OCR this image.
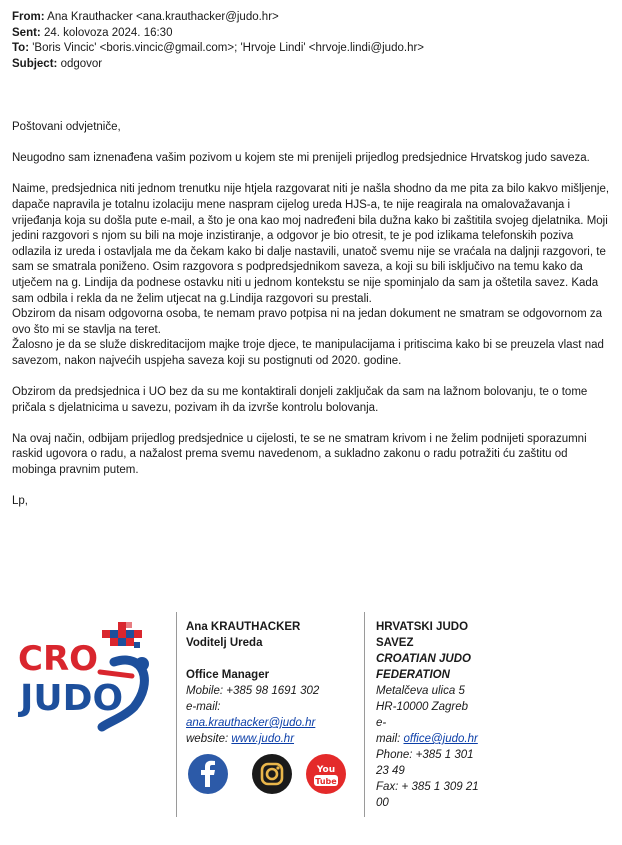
From: Ana Krauthacker <ana.krauthacker@judo.hr>
Sent: 24. kolovoza 2024. 16:30
To: 'Boris Vincic' <boris.vincic@gmail.com>; 'Hrvoje Lindi' <hrvoje.lindi@judo.hr>
Subject: odgovor

Poštovani odvjetniče,

Neugodno sam iznenađena vašim pozivom u kojem ste mi prenijeli prijedlog predsjednice Hrvatskog judo saveza.

Naime, predsjednica niti jednom trenutku nije htjela razgovarat niti je našla shodno da me pita za bilo kakvo mišljenje, dapače napravila je totalnu izolaciju mene naspram cijelog ureda HJS-a, te nije reagirala na omalovažavanja i vrijeđanja koja su došla pute e-mail, a što je ona kao moj nadređeni bila dužna kako bi zaštitila svojeg djelatnika. Moji jedini razgovori s njom su bili na moje inzistiranje, a odgovor je bio otresit, te je pod izlikama telefonskih poziva odlazila iz ureda i ostavljala me da čekam kako bi dalje nastavili, unatoč svemu nije se vraćala na daljnji razgovori, te sam se smatrala poniženo. Osim razgovora s podpredsjednikom saveza, a koji su bili isključivo na temu kako da utječem na g. Lindija da podnese ostavku niti u jednom kontekstu se nije spominjalo da sam ja oštetila savez. Kada sam odbila i rekla da ne želim utjecat na g.Lindija razgovori su prestali.

Obzirom da nisam odgovorna osoba, te nemam pravo potpisa ni na jedan dokument ne smatram se odgovornom za ovo što mi se stavlja na teret.

Žalosno je da se služe diskreditacijom majke troje djece, te manipulacijama i pritiscima kako bi se preuzela vlast nad savezom, nakon najvećih uspjeha saveza koji su postignuti od 2020. godine.

Obzirom da predsjednica i UO bez da su me kontaktirali donjeli zaključak da sam na lažnom bolovanju, te o tome pričala s djelatnicima u savezu, pozivam ih da izvrše kontrolu bolovanja.

Na ovaj način, odbijam prijedlog predsjednice u cijelosti, te se ne smatram krivom i ne želim podnijeti sporazumni raskid ugovora o radu, a nažalost prema svemu navedenom, a sukladno zakonu o radu potražiti ću zaštitu od mobinga pravnim putem.

Lp,

CRO
JUDO
Ana KRAUTHACKER
Voditelj Ureda
Office Manager
Mobile: +385 98 1691 302
e-mail:
ana.krauthacker@judo.hr
website: www.judo.hr
You
Tube
HRVATSKI JUDO
SAVEZ
CROATIAN JUDO
FEDERATION
Metalčeva ulica 5
HR-10000 Zagreb
e-
mail: office@judo.hr
Phone: +385 1 301
23 49
Fax: + 385 1 309 21
00
